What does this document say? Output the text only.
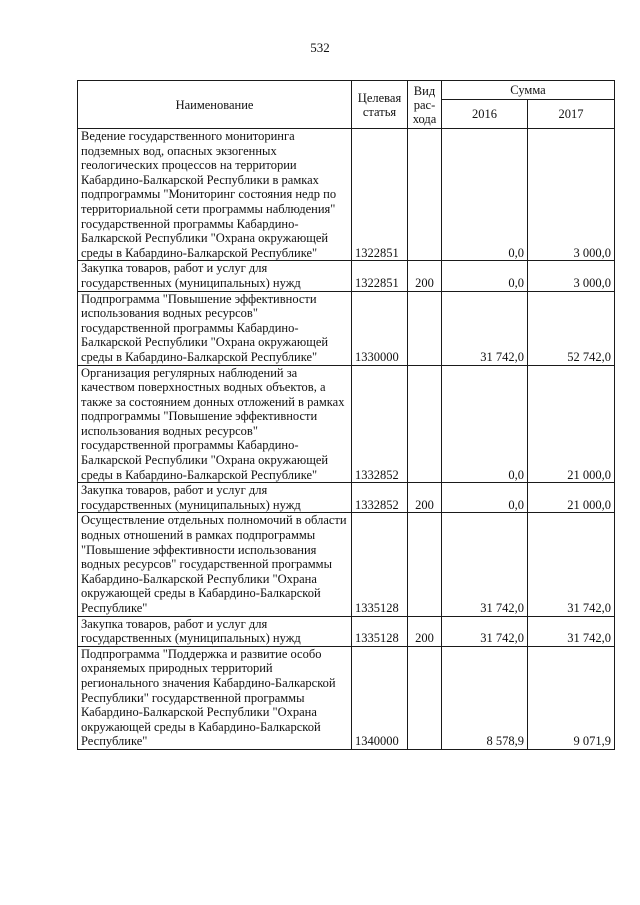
532
Наименование	Целевая статья	Вид рас-хода	Сумма	
			2016	2017
Ведение государственного мониторинга подземных вод, опасных экзогенных геологических процессов на территории Кабардино-Балкарской Республики в рамках подпрограммы "Мониторинг состояния недр по территориальной сети программы наблюдения" государственной программы Кабардино-Балкарской Республики "Охрана окружающей среды в Кабардино-Балкарской Республике"	1322851		0,0	3 000,0
Закупка товаров, работ и услуг для государственных (муниципальных) нужд	1322851	200	0,0	3 000,0
Подпрограмма "Повышение эффективности использования водных ресурсов" государственной программы Кабардино-Балкарской Республики "Охрана окружающей среды в Кабардино-Балкарской Республике"	1330000		31 742,0	52 742,0
Организация регулярных наблюдений за качеством поверхностных водных объектов, а также за состоянием донных отложений в рамках подпрограммы "Повышение эффективности использования водных ресурсов" государственной программы Кабардино-Балкарской Республики "Охрана окружающей среды в Кабардино-Балкарской Республике"	1332852		0,0	21 000,0
Закупка товаров, работ и услуг для государственных (муниципальных) нужд	1332852	200	0,0	21 000,0
Осуществление отдельных полномочий в области водных отношений в рамках подпрограммы "Повышение эффективности использования водных ресурсов" государственной программы Кабардино-Балкарской Республики "Охрана окружающей среды в Кабардино-Балкарской Республике"	1335128		31 742,0	31 742,0
Закупка товаров, работ и услуг для государственных (муниципальных) нужд	1335128	200	31 742,0	31 742,0
Подпрограмма "Поддержка и развитие особо охраняемых природных территорий регионального значения Кабардино-Балкарской Республики" государственной программы Кабардино-Балкарской Республики "Охрана окружающей среды в Кабардино-Балкарской Республике"	1340000		8 578,9	9 071,9
